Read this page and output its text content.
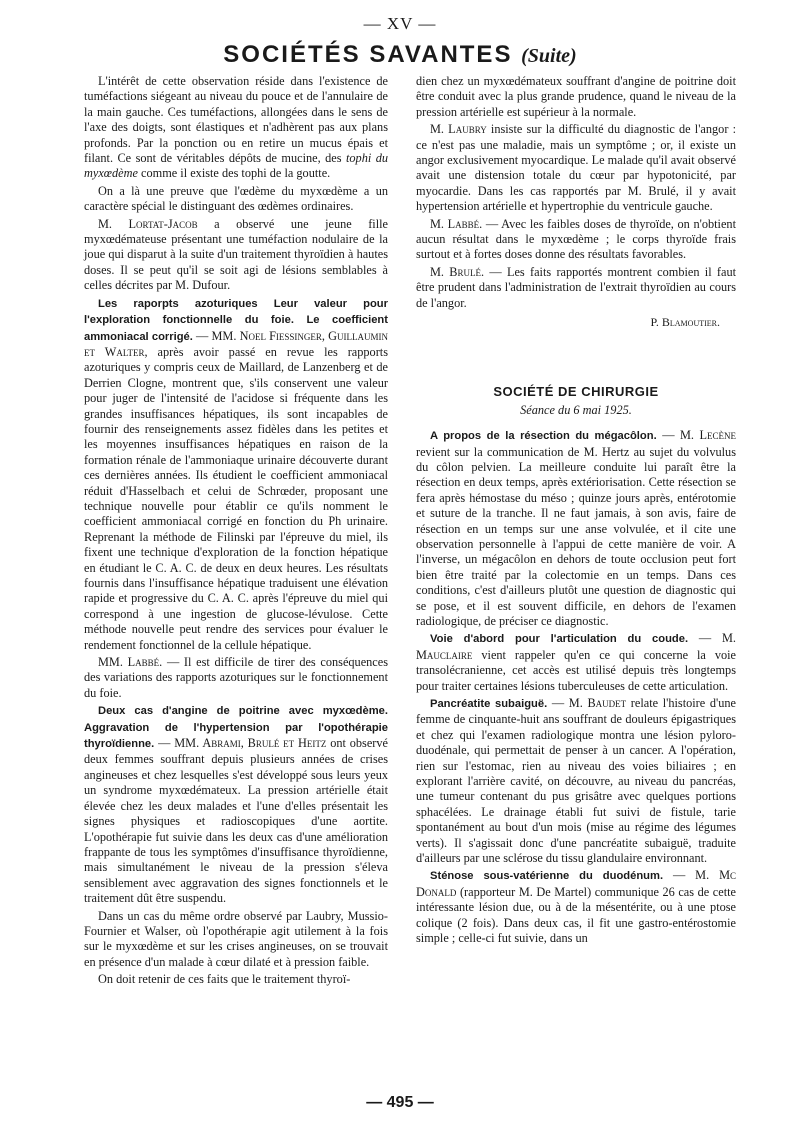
— XV —
SOCIÉTÉS SAVANTES (Suite)

L'intérêt de cette observation réside dans l'existence de tuméfactions siégeant au niveau du pouce et de l'annulaire de la main gauche. Ces tuméfactions, allongées dans le sens de l'axe des doigts, sont élastiques et n'adhèrent pas aux plans profonds. Par la ponction ou en retire un mucus épais et filant. Ce sont de véritables dépôts de mucine, des tophi du myxœdème comme il existe des tophi de la goutte.

On a là une preuve que l'œdème du myxœdème a un caractère spécial le distinguant des œdèmes ordinaires.

M. Lortat-Jacob a observé une jeune fille myxœdémateuse présentant une tuméfaction nodulaire de la joue qui disparut à la suite d'un traitement thyroïdien à hautes doses. Il se peut qu'il se soit agi de lésions semblables à celles décrites par M. Dufour.

Les raporpts azoturiques Leur valeur pour l'exploration fonctionnelle du foie. Le coefficient ammoniacal corrigé. — MM. Noel Fiessinger, Guillaumin et Walter, après avoir passé en revue les rapports azoturiques y compris ceux de Maillard, de Lanzenberg et de Derrien Clogne, montrent que, s'ils conservent une valeur pour juger de l'intensité de l'acidose si fréquente dans les grandes insuffisances hépatiques, ils sont incapables de fournir des renseignements assez fidèles dans les petites et les moyennes insuffisances hépatiques en raison de la formation rénale de l'ammoniaque urinaire découverte durant ces dernières années. Ils étudient le coefficient ammoniacal réduit d'Hasselbach et celui de Schrœder, proposant une technique nouvelle pour établir ce qu'ils nomment le coefficient ammoniacal corrigé en fonction du Ph urinaire. Reprenant la méthode de Filinski par l'épreuve du miel, ils fixent une technique d'exploration de la fonction hépatique en étudiant le C. A. C. de deux en deux heures. Les résultats fournis dans l'insuffisance hépatique traduisent une élévation rapide et progressive du C. A. C. après l'épreuve du miel qui correspond à une ingestion de glucose-lévulose. Cette méthode nouvelle peut rendre des services pour évaluer le rendement fonctionnel de la cellule hépatique.

MM. Labbé. — Il est difficile de tirer des conséquences des variations des rapports azoturiques sur le fonctionnement du foie.

Deux cas d'angine de poitrine avec myxœdème. Aggravation de l'hypertension par l'opothérapie thyroïdienne. — MM. Abrami, Brulé et Heitz ont observé deux femmes souffrant depuis plusieurs années de crises angineuses et chez lesquelles s'est développé sous leurs yeux un syndrome myxœdémateux. La pression artérielle était élevée chez les deux malades et l'une d'elles présentait les signes physiques et radioscopiques d'une aortite. L'opothérapie fut suivie dans les deux cas d'une amélioration frappante de tous les symptômes d'insuffisance thyroïdienne, mais simultanément le niveau de la pression s'éleva sensiblement avec aggravation des signes fonctionnels et le traitement dût être suspendu.

Dans un cas du même ordre observé par Laubry, Mussio-Fournier et Walser, où l'opothérapie agit utilement à la fois sur le myxœdème et sur les crises angineuses, on se trouvait en présence d'un malade à cœur dilaté et à pression faible.

On doit retenir de ces faits que le traitement thyroï-

dien chez un myxœdémateux souffrant d'angine de poitrine doit être conduit avec la plus grande prudence, quand le niveau de la pression artérielle est supérieur à la normale.

M. Laubry insiste sur la difficulté du diagnostic de l'angor : ce n'est pas une maladie, mais un symptôme ; or, il existe un angor exclusivement myocardique. Le malade qu'il avait observé avait une distension totale du cœur par hypotonicité, par myocardie. Dans les cas rapportés par M. Brulé, il y avait hypertension artérielle et hypertrophie du ventricule gauche.

M. Labbé. — Avec les faibles doses de thyroïde, on n'obtient aucun résultat dans le myxœdème ; le corps thyroïde frais surtout et à fortes doses donne des résultats favorables.

M. Brulé. — Les faits rapportés montrent combien il faut être prudent dans l'administration de l'extrait thyroïdien au cours de l'angor.

P. Blamoutier.
SOCIÉTÉ DE CHIRURGIE
Séance du 6 mai 1925.

A propos de la résection du mégacôlon. — M. Lecène revient sur la communication de M. Hertz au sujet du volvulus du côlon pelvien. La meilleure conduite lui paraît être la résection en deux temps, après extériorisation. Cette résection se fera après hémostase du méso ; quinze jours après, entérotomie et suture de la tranche. Il ne faut jamais, à son avis, faire de résection en un temps sur une anse volvulée, et il cite une observation personnelle à l'appui de cette manière de voir. A l'inverse, un mégacôlon en dehors de toute occlusion peut fort bien être traité par la colectomie en un temps. Dans ces conditions, c'est d'ailleurs plutôt une question de diagnostic qui se pose, et il est souvent difficile, en dehors de l'examen radiologique, de préciser ce diagnostic.

Voie d'abord pour l'articulation du coude. — M. Mauclaire vient rappeler qu'en ce qui concerne la voie transolécranienne, cet accès est utilisé depuis très longtemps pour traiter certaines lésions tuberculeuses de cette articulation.

Pancréatite subaiguë. — M. Baudet relate l'histoire d'une femme de cinquante-huit ans souffrant de douleurs épigastriques et chez qui l'examen radiologique montra une lésion pyloro-duodénale, qui permettait de penser à un cancer. A l'opération, rien sur l'estomac, rien au niveau des voies biliaires ; en explorant l'arrière cavité, on découvre, au niveau du pancréas, une tumeur contenant du pus grisâtre avec quelques portions sphacélées. Le drainage établi fut suivi de fistule, tarie spontanément au bout d'un mois (mise au régime des légumes verts). Il s'agissait donc d'une pancréatite subaiguë, traduite d'ailleurs par une sclérose du tissu glandulaire environnant.

Sténose sous-vatérienne du duodénum. — M. Mc Donald (rapporteur M. De Martel) communique 26 cas de cette intéressante lésion due, ou à de la mésentérite, ou à une ptose colique (2 fois). Dans deux cas, il fit une gastro-entérostomie simple ; celle-ci fut suivie, dans un

— 495 —
